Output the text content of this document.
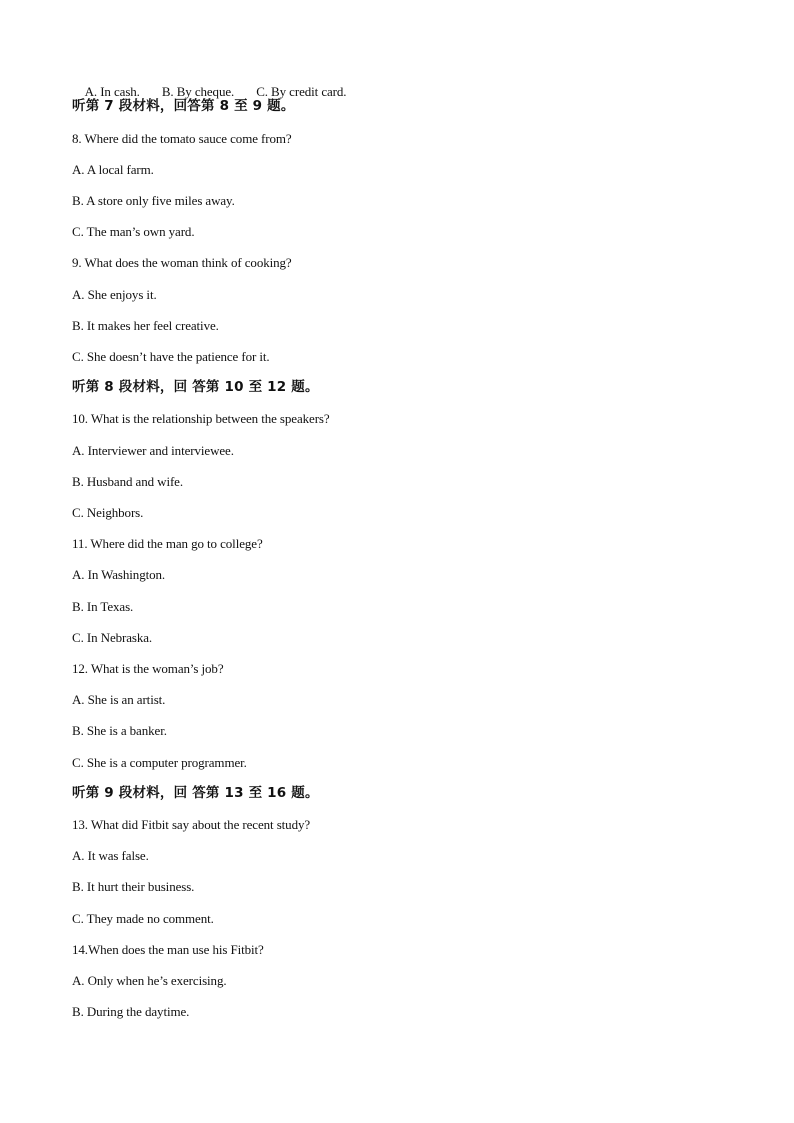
A. In cash. B. By cheque. C. By credit card.

听第 7 段材料，回答第 8 至 9 题。
8. Where did the tomato sauce come from?
A. A local farm.
B. A store only five miles away.
C. The man’s own yard.
9. What does the woman think of cooking?
A. She enjoys it.
B. It makes her feel creative.
C. She doesn’t have the patience for it.
听第 8 段材料，回 答第 10 至 12 题。
10. What is the relationship between the speakers?
A. Interviewer and interviewee.
B. Husband and wife.
C. Neighbors.
11. Where did the man go to college?
A. In Washington.
B. In Texas.
C. In Nebraska.
12. What is the woman’s job?
A. She is an artist.
B. She is a banker.
C. She is a computer programmer.
听第 9 段材料，回 答第 13 至 16 题。
13. What did Fitbit say about the recent study?
A. It was false.
B. It hurt their business.
C. They made no comment.
14.When does the man use his Fitbit?
A. Only when he’s exercising.
B. During the daytime.
